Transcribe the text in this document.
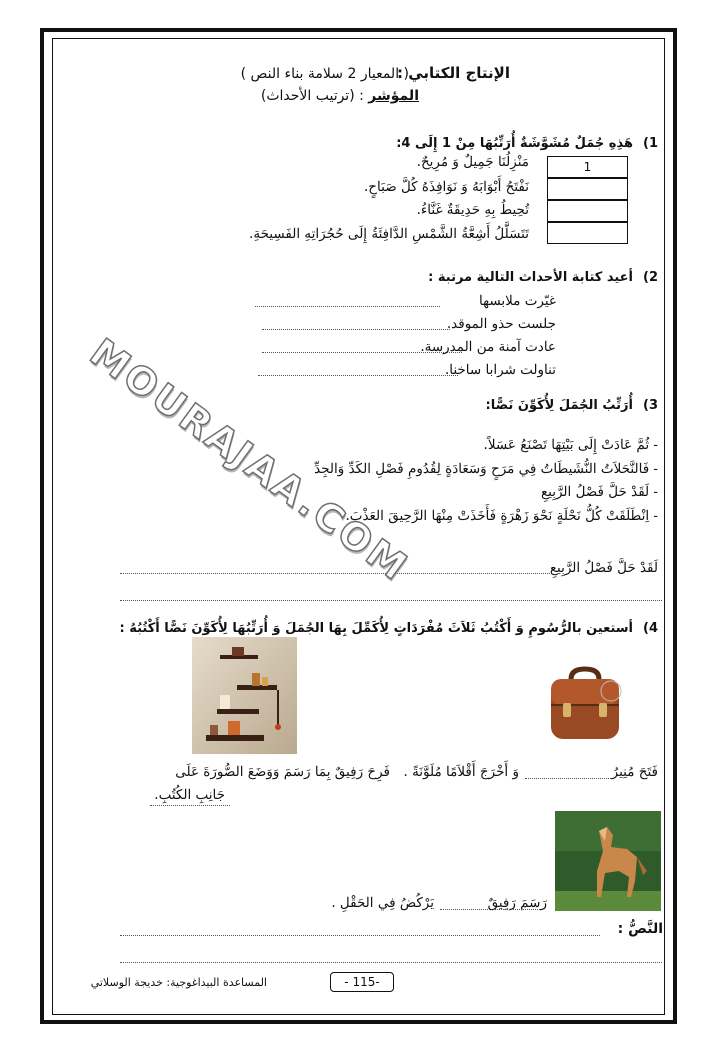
الإنتاج الكتابي :
( المعيار 2 سلامة بناء النص )
المؤشر : (ترتيب الأحداث)
1)
هَذِهِ جُمَلٌ مُشَوَّشَةٌ أُرَتِّبُهَا مِنْ 1 إِلَى 4:
مَنْزِلُنَا جَمِيلٌ وَ مُرِيحٌ.
نَفْتَحُ أَبْوَابَهُ وَ نَوَافِذَهُ كُلَّ صَبَاحٍ.
تُحِيطُ بِهِ حَدِيقَةٌ غَنَّاءُ.
تَتَسَلَّلُ أَشِعَّةُ الشَّمْسِ الدَّافِئَةُ إِلَى حُجُرَاتِهِ الفَسِيحَةِ.
1
2)
أعيد كتابة الأحداث التالية مرتبة :
غيّرت ملابسها
جلست حذو الموقد.
عادت آمنة من المدرسة.
تناولت شرابا ساخنا.
3)
أُرَتِّبُ الجُمَلَ لِأُكَوِّنَ نَصًّا:
- ثُمَّ عَادَتْ إِلَى بَيْتِهَا تَصْنَعُ عَسَلاً.
- فَالنَّحَلاَتُ النُّشَيطَاتُ فِي مَرَحٍ وَسَعَادَةٍ لِقُدُومِ فَصْلِ الكَدِّ وَالجِدِّ
- لَقَدْ حَلَّ فَصْلُ الرَّبِيعِ
- اِنْطَلَقَتْ كُلُّ نَحْلَةٍ نَحْوَ زَهْرَةٍ فَأَخَذَتْ مِنْهَا الرَّحِيقَ العَذْبَ.
لَقَدْ حَلَّ فَصْلُ الرَّبِيعِ
4)
أستعين بالرُّسُومِ وَ أَكْتُبُ ثَلاَثَ مُفْرَدَاتٍ لِأُكَمِّلَ بِهَا الجُمَلَ وَ أُرَتِّبُهَا لِأُكَوِّنَ نَصًّا أَكْتُبُهُ :
فَتَحَ مُنِيرُ
وَ أَخْرَجَ أَقْلاَمًا مُلَوَّنَةً .
فَرِحَ رَفِيقٌ بِمَا رَسَمَ وَوَضَعَ الصُّورَةَ عَلَى
جَانِبِ الكُتُبِ.
رَسَمَ رَفِيقٌ
يَرْكُضُ فِي الحَقْلِ .
النَّصُّ :
MOURAJAA.COM
- 115-
المساعدة البيداغوجية: خديجة الوسلاتي
